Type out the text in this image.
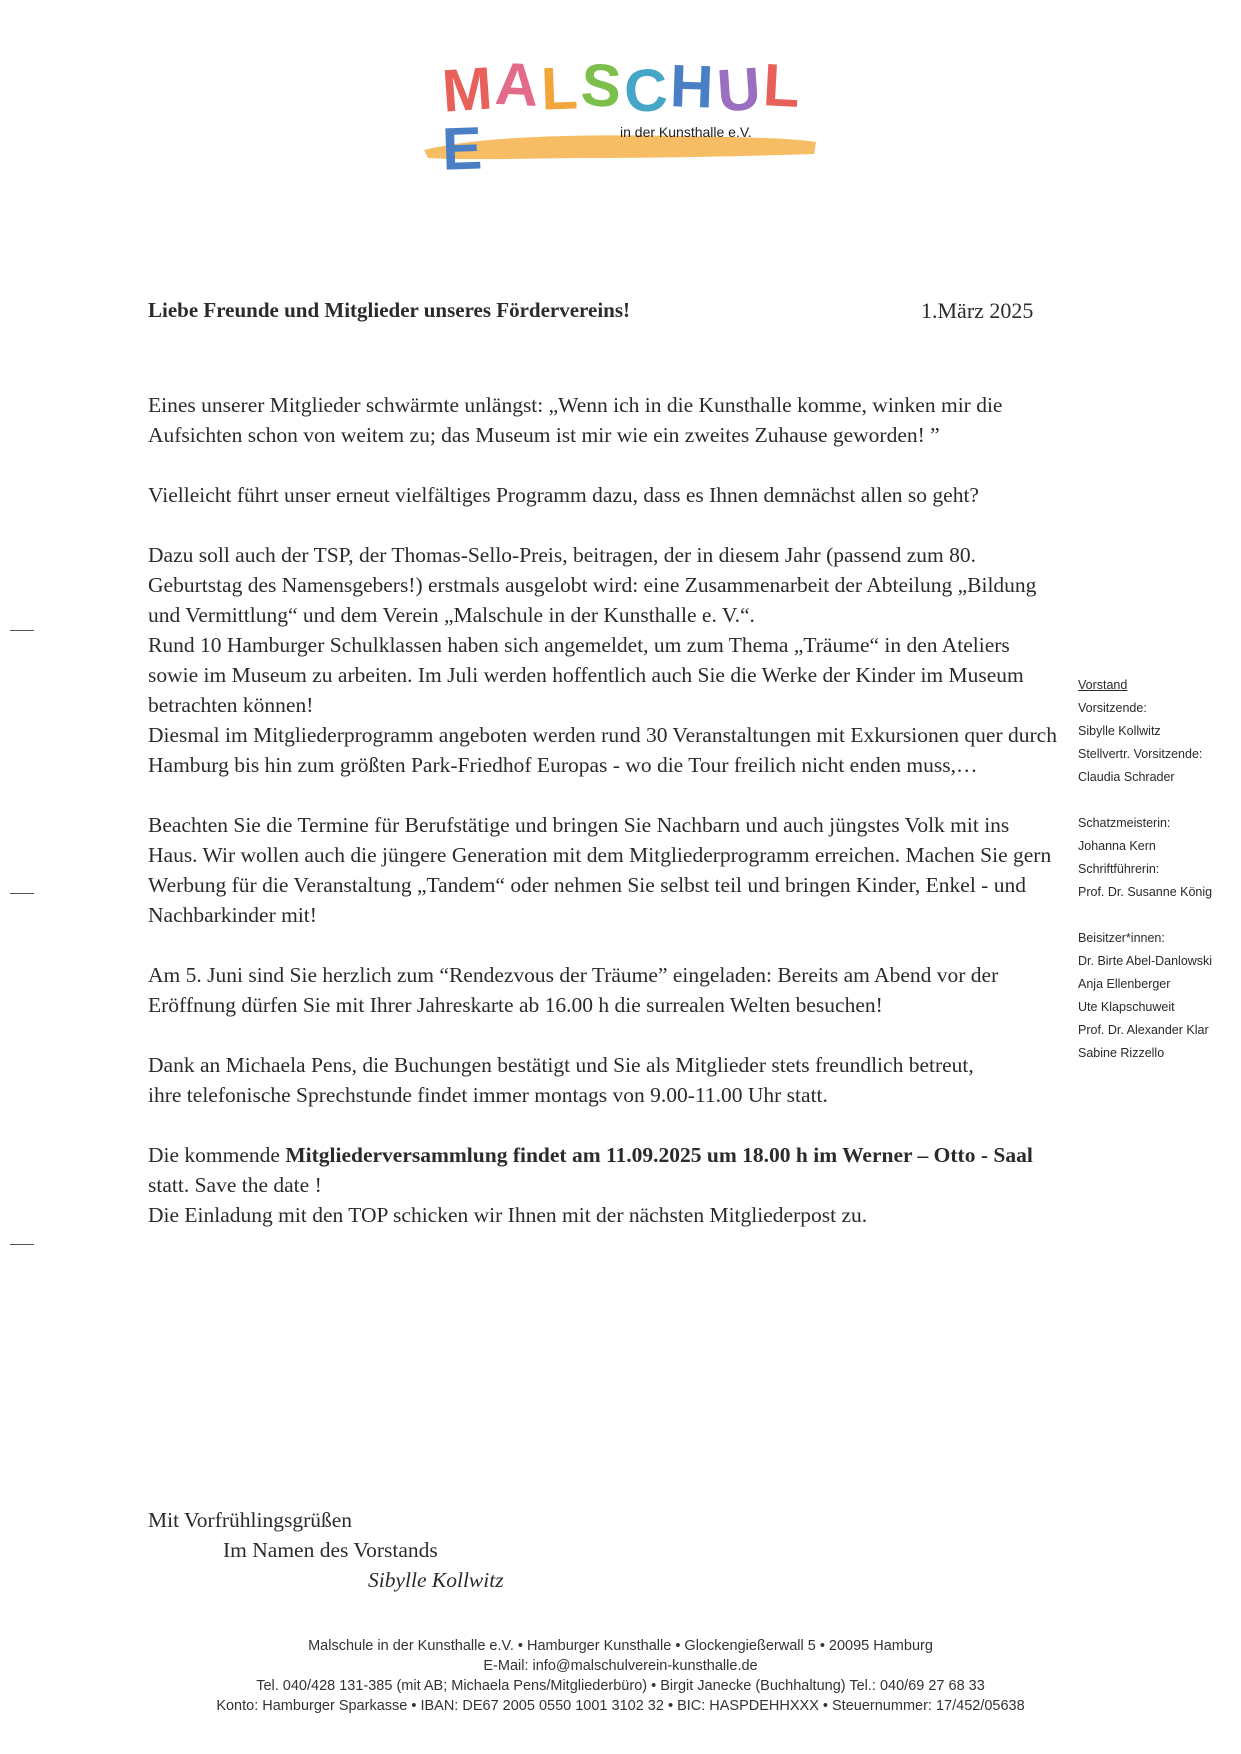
MALSCHULE	in der Kunsthalle e.V.
Liebe Freunde und Mitglieder unseres Fördervereins!	1.März 2025

Eines unserer Mitglieder schwärmte unlängst: „Wenn ich in die Kunsthalle komme, winken mir die Aufsichten schon von weitem zu; das Museum ist mir wie ein zweites Zuhause geworden! ”

Vielleicht führt unser erneut vielfältiges Programm dazu, dass es Ihnen demnächst allen so geht?

Dazu soll auch der TSP, der Thomas-Sello-Preis, beitragen, der in diesem Jahr (passend zum 80. Geburtstag des Namensgebers!) erstmals ausgelobt wird: eine Zusammenarbeit der Abteilung „Bildung und Vermittlung“ und dem Verein „Malschule in der Kunsthalle e. V.“.

Rund 10 Hamburger Schulklassen haben sich angemeldet, um zum Thema „Träume“ in den Ateliers sowie im Museum zu arbeiten. Im Juli werden hoffentlich auch Sie die Werke der Kinder im Museum betrachten können!

Diesmal im Mitgliederprogramm angeboten werden rund 30 Veranstaltungen mit Exkursionen quer durch Hamburg bis hin zum größten Park-Friedhof Europas - wo die Tour freilich nicht enden muss,…

Beachten Sie die Termine für Berufstätige und bringen Sie Nachbarn und auch jüngstes Volk mit ins Haus. Wir wollen auch die jüngere Generation mit dem Mitgliederprogramm erreichen. Machen Sie gern Werbung für die Veranstaltung „Tandem“ oder nehmen Sie selbst teil und bringen Kinder, Enkel - und Nachbarkinder mit!

Am 5. Juni sind Sie herzlich zum “Rendezvous der Träume” eingeladen: Bereits am Abend vor der Eröffnung dürfen Sie mit Ihrer Jahreskarte ab 16.00 h die surrealen Welten besuchen!

Dank an Michaela Pens, die Buchungen bestätigt und Sie als Mitglieder stets freundlich betreut,

ihre telefonische Sprechstunde findet immer montags von 9.00-11.00 Uhr statt.

Die kommende Mitgliederversammlung findet am 11.09.2025 um 18.00 h im Werner – Otto - Saal statt. Save the date !

Die Einladung mit den TOP schicken wir Ihnen mit der nächsten Mitgliederpost zu.

Vorstand
Vorsitzende:
Sibylle Kollwitz
Stellvertr. Vorsitzende:
Claudia Schrader
Schatzmeisterin:
Johanna Kern
Schriftführerin:
Prof. Dr. Susanne König
Beisitzer*innen:
Dr. Birte Abel-Danlowski
Anja Ellenberger
Ute Klapschuweit
Prof. Dr. Alexander Klar
Sabine Rizzello
Mit Vorfrühlingsgrüßen
Im Namen des Vorstands
Sibylle Kollwitz
Malschule in der Kunsthalle e.V. • Hamburger Kunsthalle • Glockengießerwall 5 • 20095 Hamburg
E-Mail: info@malschulverein-kunsthalle.de
Tel. 040/428 131-385 (mit AB; Michaela Pens/Mitgliederbüro) • Birgit Janecke (Buchhaltung) Tel.: 040/69 27 68 33
Konto: Hamburger Sparkasse • IBAN: DE67 2005 0550 1001 3102 32 • BIC: HASPDEHHXXX • Steuernummer: 17/452/05638
